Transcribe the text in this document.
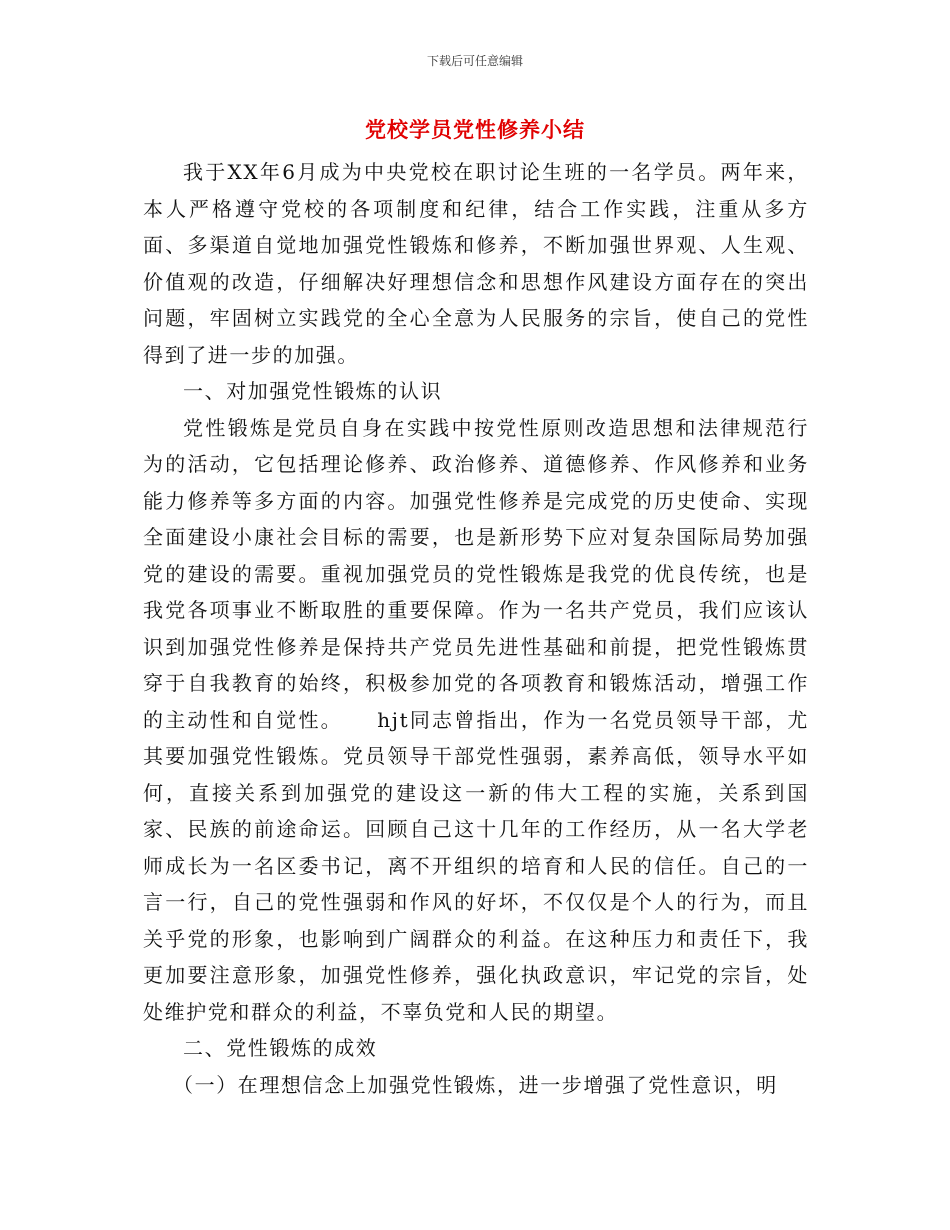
下载后可任意编辑
党校学员党性修养小结

我于XX年6月成为中央党校在职讨论生班的一名学员。两年来，本人严格遵守党校的各项制度和纪律，结合工作实践，注重从多方面、多渠道自觉地加强党性锻炼和修养，不断加强世界观、人生观、价值观的改造，仔细解决好理想信念和思想作风建设方面存在的突出问题，牢固树立实践党的全心全意为人民服务的宗旨，使自己的党性得到了进一步的加强。

一、对加强党性锻炼的认识

党性锻炼是党员自身在实践中按党性原则改造思想和法律规范行为的活动，它包括理论修养、政治修养、道德修养、作风修养和业务能力修养等多方面的内容。加强党性修养是完成党的历史使命、实现全面建设小康社会目标的需要，也是新形势下应对复杂国际局势加强党的建设的需要。重视加强党员的党性锻炼是我党的优良传统，也是我党各项事业不断取胜的重要保障。作为一名共产党员，我们应该认识到加强党性修养是保持共产党员先进性基础和前提，把党性锻炼贯穿于自我教育的始终，积极参加党的各项教育和锻炼活动，增强工作的主动性和自觉性。　　hjt同志曾指出，作为一名党员领导干部，尤其要加强党性锻炼。党员领导干部党性强弱，素养高低，领导水平如何，直接关系到加强党的建设这一新的伟大工程的实施，关系到国家、民族的前途命运。回顾自己这十几年的工作经历，从一名大学老师成长为一名区委书记，离不开组织的培育和人民的信任。自己的一言一行，自己的党性强弱和作风的好坏，不仅仅是个人的行为，而且关乎党的形象，也影响到广阔群众的利益。在这种压力和责任下，我更加要注意形象，加强党性修养，强化执政意识，牢记党的宗旨，处处维护党和群众的利益，不辜负党和人民的期望。

二、党性锻炼的成效

（一）在理想信念上加强党性锻炼，进一步增强了党性意识，明
